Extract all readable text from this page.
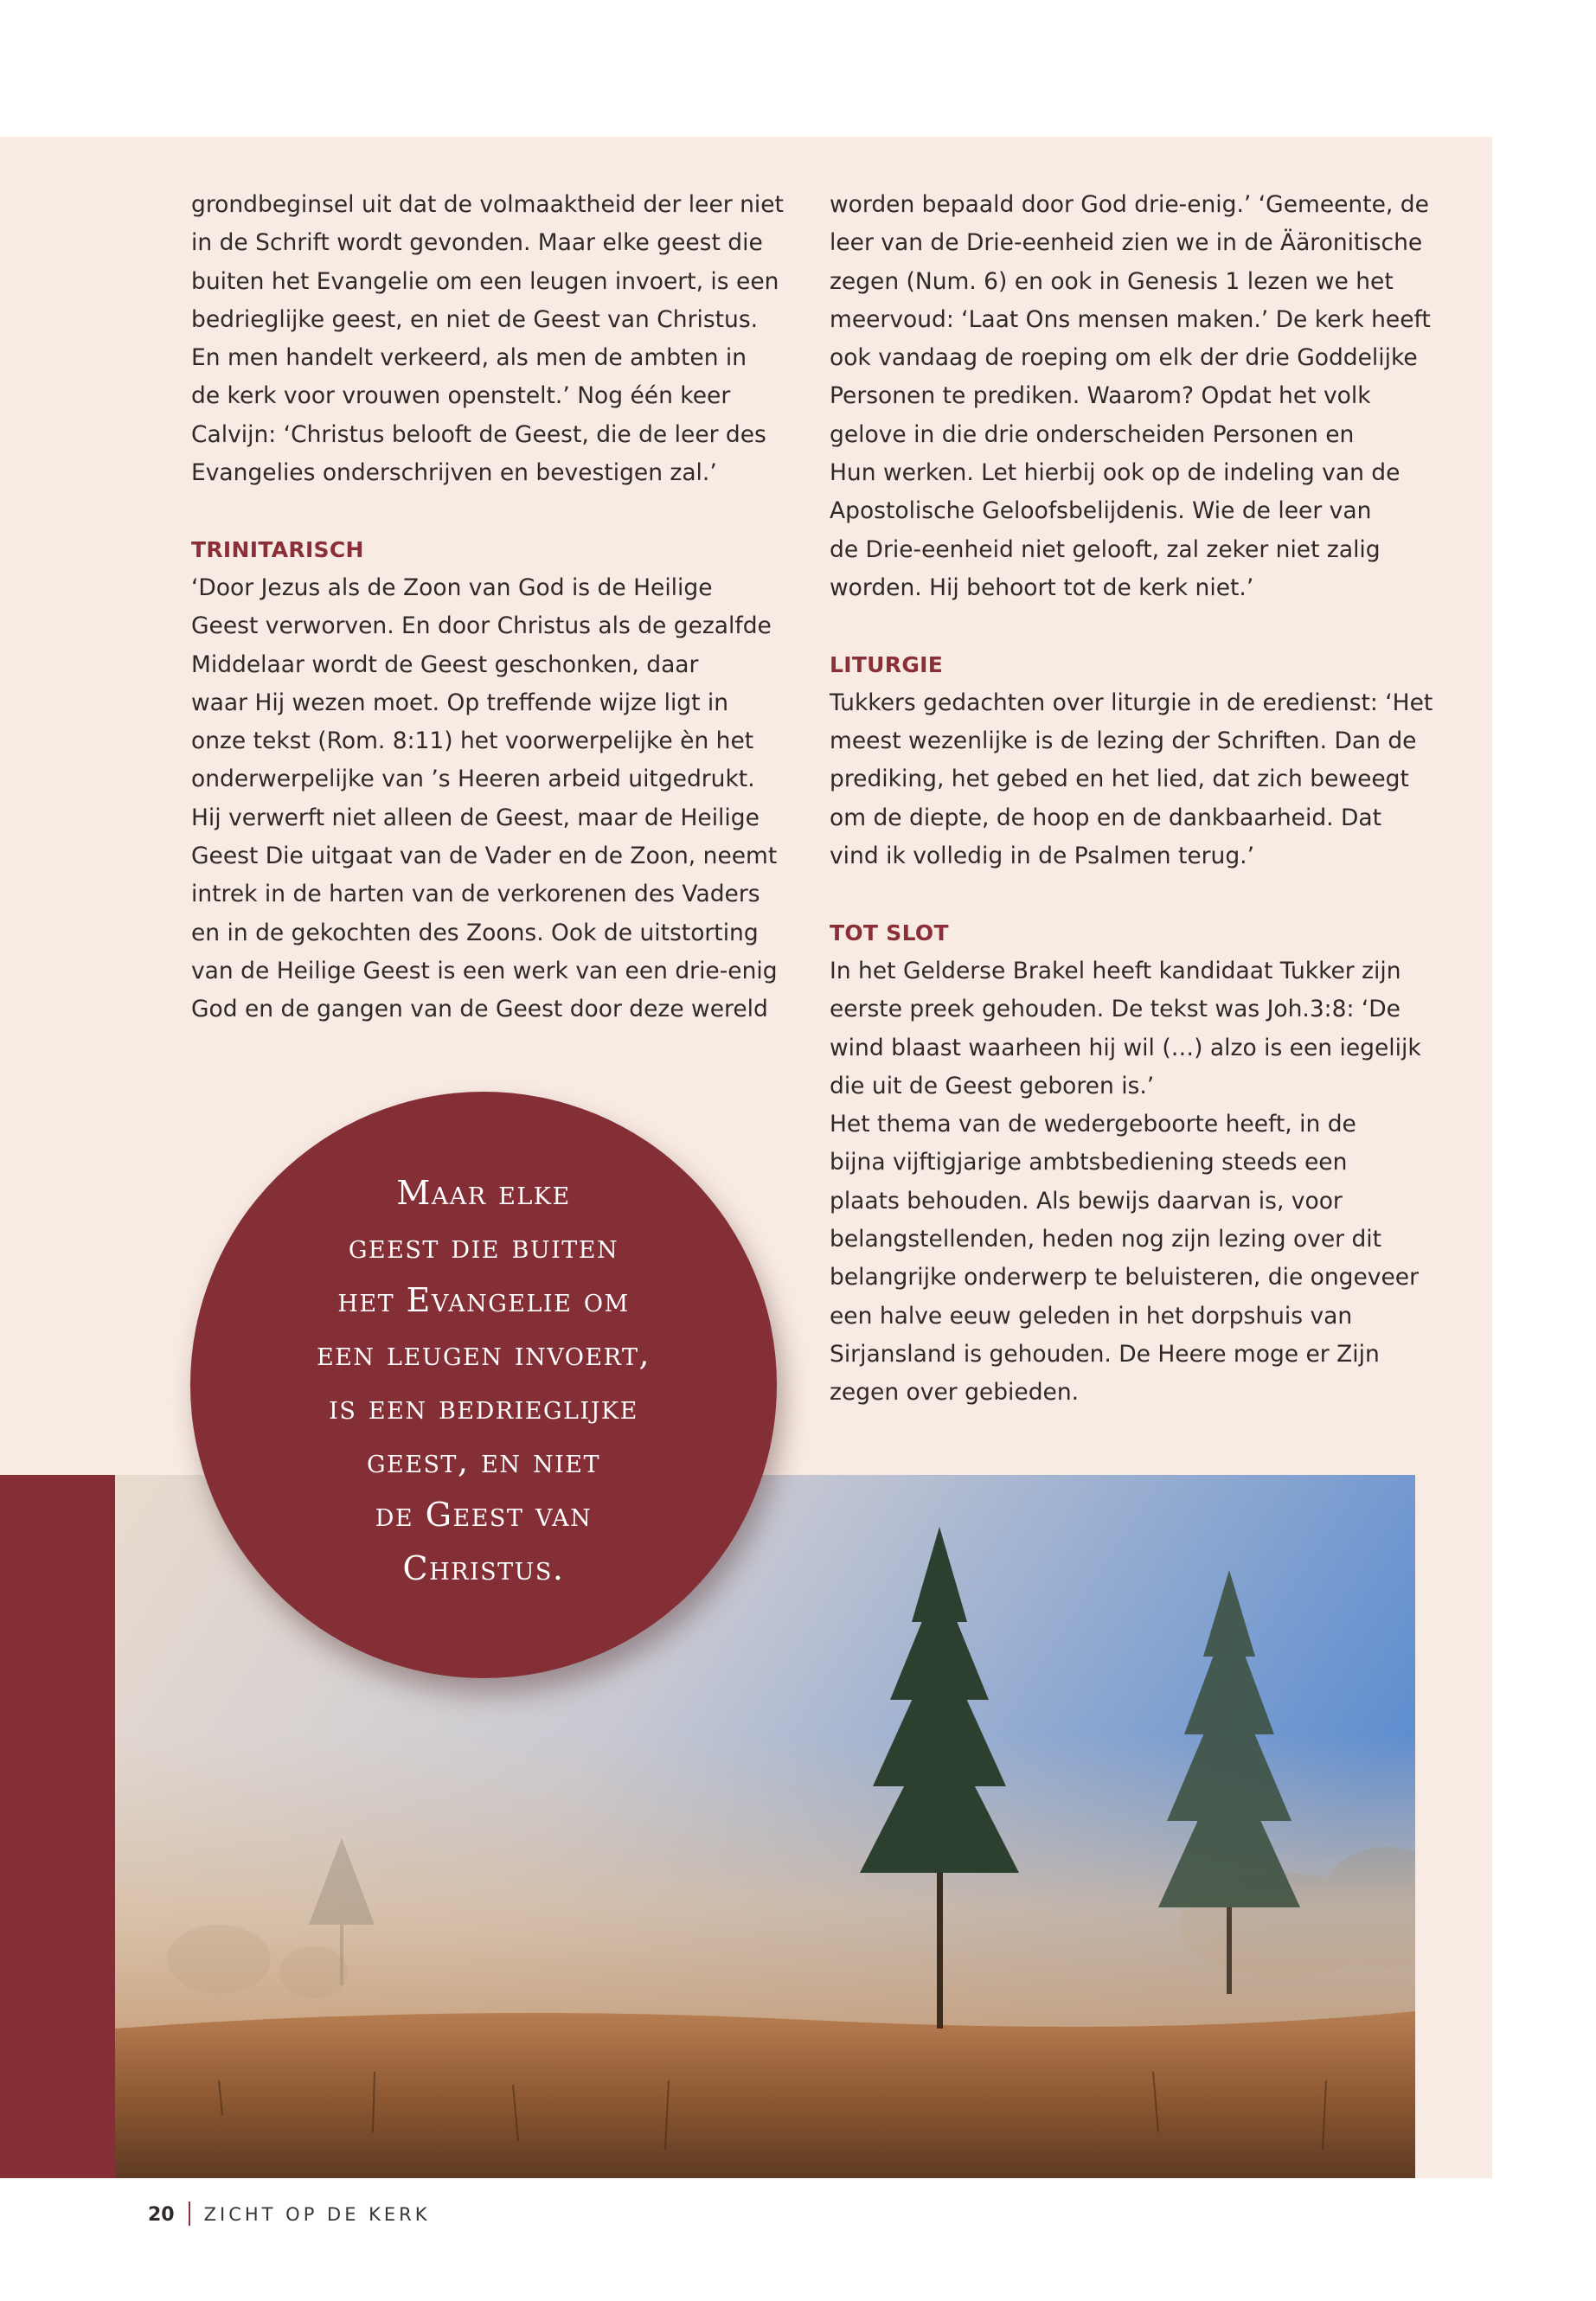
grondbeginsel uit dat de volmaaktheid der leer niet
in de Schrift wordt gevonden. Maar elke geest die
buiten het Evangelie om een leugen invoert, is een
bedrieglijke geest, en niet de Geest van Christus.
En men handelt verkeerd, als men de ambten in
de kerk voor vrouwen openstelt.’ Nog één keer
Calvijn: ‘Christus belooft de Geest, die de leer des
Evangelies onderschrijven en bevestigen zal.’
TRINITARISCH
‘Door Jezus als de Zoon van God is de Heilige
Geest verworven. En door Christus als de gezalfde
Middelaar wordt de Geest geschonken, daar
waar Hij wezen moet. Op treffende wijze ligt in
onze tekst (Rom. 8:11) het voorwerpelijke èn het
onderwerpelijke van ’s Heeren arbeid uitgedrukt.
Hij verwerft niet alleen de Geest, maar de Heilige
Geest Die uitgaat van de Vader en de Zoon, neemt
intrek in de harten van de verkorenen des Vaders
en in de gekochten des Zoons. Ook de uitstorting
van de Heilige Geest is een werk van een drie-enig
God en de gangen van de Geest door deze wereld
worden bepaald door God drie-enig.’ ‘Gemeente, de
leer van de Drie-eenheid zien we in de Ääronitische
zegen (Num. 6) en ook in Genesis 1 lezen we het
meervoud: ‘Laat Ons mensen maken.’ De kerk heeft
ook vandaag de roeping om elk der drie Goddelijke
Personen te prediken. Waarom? Opdat het volk
gelove in die drie onderscheiden Personen en
Hun werken. Let hierbij ook op de indeling van de
Apostolische Geloofsbelijdenis. Wie de leer van
de Drie-eenheid niet gelooft, zal zeker niet zalig
worden. Hij behoort tot de kerk niet.’
LITURGIE
Tukkers gedachten over liturgie in de eredienst: ‘Het
meest wezenlijke is de lezing der Schriften. Dan de
prediking, het gebed en het lied, dat zich beweegt
om de diepte, de hoop en de dankbaarheid. Dat
vind ik volledig in de Psalmen terug.’
TOT SLOT
In het Gelderse Brakel heeft kandidaat Tukker zijn
eerste preek gehouden. De tekst was Joh.3:8: ‘De
wind blaast waarheen hij wil (…) alzo is een iegelijk
die uit de Geest geboren is.’
Het thema van de wedergeboorte heeft, in de
bijna vijftigjarige ambtsbediening steeds een
plaats behouden. Als bewijs daarvan is, voor
belangstellenden, heden nog zijn lezing over dit
belangrijke onderwerp te beluisteren, die ongeveer
een halve eeuw geleden in het dorpshuis van
Sirjansland is gehouden. De Heere moge er Zijn
zegen over gebieden.
Maar elke
geest die buiten
het Evangelie om
een leugen invoert,
is een bedrieglijke
geest, en niet
de Geest van
Christus.
20 ZICHT OP DE KERK
